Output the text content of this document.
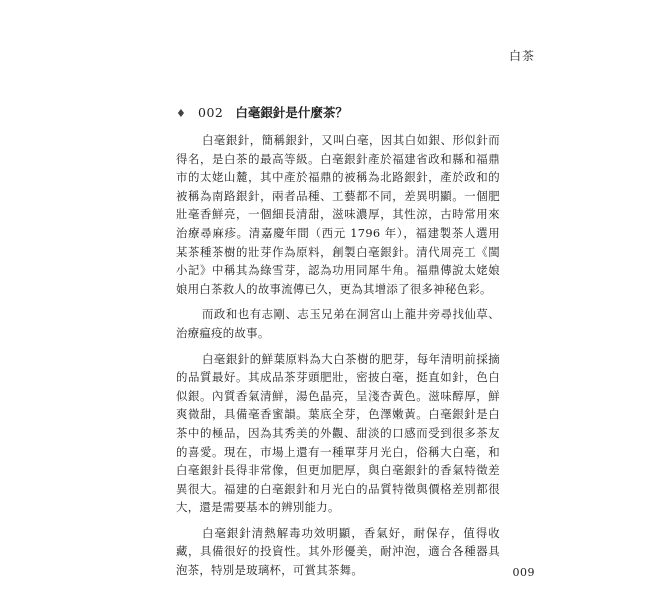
白茶
♦ 002 白毫銀針是什麼茶？

白毫銀針，簡稱銀針，又叫白毫，因其白如銀、形似針而得名，是白茶的最高等級。白毫銀針產於福建省政和縣和福鼎市的太姥山麓，其中產於福鼎的被稱為北路銀針，產於政和的被稱為南路銀針，兩者品種、工藝都不同，差異明顯。一個肥壯毫香鮮亮，一個細長清甜，滋味濃厚，其性涼，古時常用來治療尋麻疹。清嘉慶年間（西元 1796 年），福建製茶人選用某茶種茶樹的壯芽作為原料，創製白毫銀針。清代周亮工《閩小記》中稱其為綠雪芽，認為功用同犀牛角。福鼎傳說太姥娘娘用白茶救人的故事流傳已久，更為其增添了很多神秘色彩。

而政和也有志剛、志玉兄弟在洞宮山上龍井旁尋找仙草、治療瘟疫的故事。

白毫銀針的鮮葉原料為大白茶樹的肥芽，每年清明前採摘的品質最好。其成品茶芽頭肥壯，密披白毫，挺直如針，色白似銀。內質香氣清鮮，湯色晶亮，呈淺杏黃色。滋味醇厚，鮮爽微甜，具備毫香蜜韻。葉底全芽，色澤嫩黃。白毫銀針是白茶中的極品，因為其秀美的外觀、甜淡的口感而受到很多茶友的喜愛。現在，市場上還有一種單芽月光白，俗稱大白毫，和白毫銀針長得非常像，但更加肥厚，與白毫銀針的香氣特徵差異很大。福建的白毫銀針和月光白的品質特徵與價格差別都很大，還是需要基本的辨別能力。

白毫銀針清熱解毒功效明顯，香氣好，耐保存，值得收藏，具備很好的投資性。其外形優美，耐沖泡，適合各種器具泡茶，特別是玻璃杯，可賞其茶舞。	009
